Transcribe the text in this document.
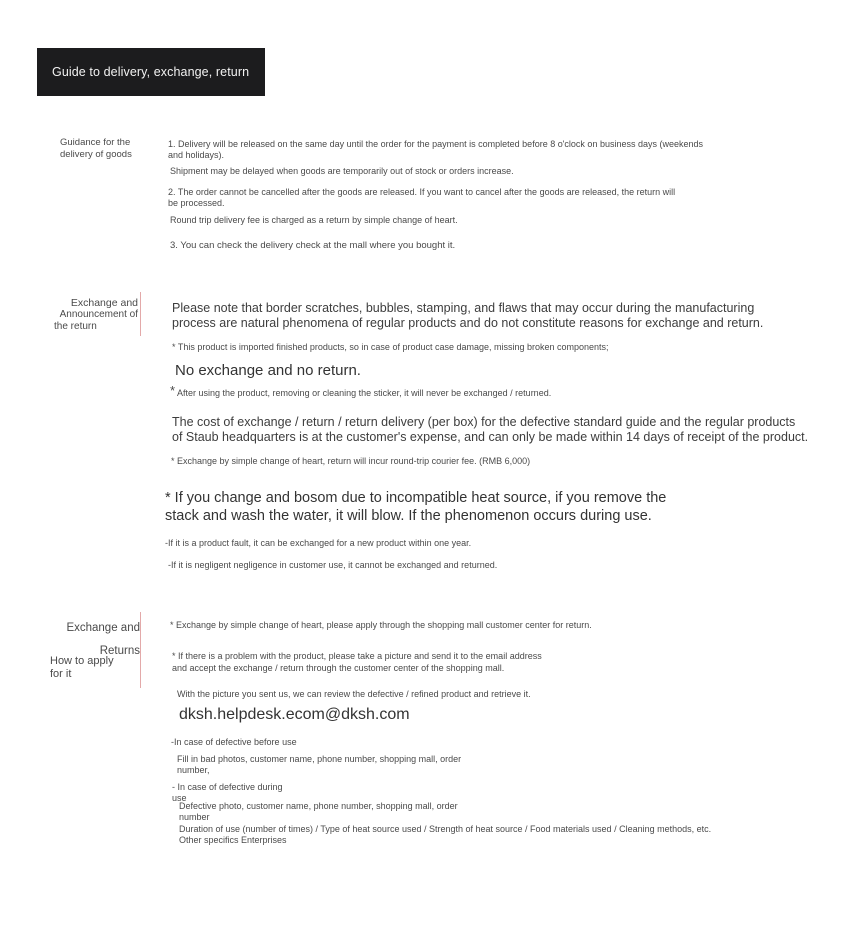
Guide to delivery, exchange, return
Guidance for the
delivery of goods
1. Delivery will be released on the same day until the order for the payment is completed before 8 o'clock on business days (weekends
and holidays).
Shipment may be delayed when goods are temporarily out of stock or orders increase.
2. The order cannot be cancelled after the goods are released. If you want to cancel after the goods are released, the return will
be processed.
Round trip delivery fee is charged as a return by simple change of heart.
3. You can check the delivery check at the mall where you bought it.
Exchange and
Announcement of
the return
Please note that border scratches, bubbles, stamping, and flaws that may occur during the manufacturing
process are natural phenomena of regular products and do not constitute reasons for exchange and return.
* This product is imported finished products, so in case of product case damage, missing broken components;
No exchange and no return.
* After using the product, removing or cleaning the sticker, it will never be exchanged / returned.
The cost of exchange / return / return delivery (per box) for the defective standard guide and the regular products
of Staub headquarters is at the customer's expense, and can only be made within 14 days of receipt of the product.
* Exchange by simple change of heart, return will incur round-trip courier fee. (RMB 6,000)
* If you change and bosom due to incompatible heat source, if you remove the
stack and wash the water, it will blow. If the phenomenon occurs during use.
-If it is a product fault, it can be exchanged for a new product within one year.
-If it is negligent negligence in customer use, it cannot be exchanged and returned.
Exchange and
Returns
How to apply
for it
* Exchange by simple change of heart, please apply through the shopping mall customer center for return.
* If there is a problem with the product, please take a picture and send it to the email address
and accept the exchange / return through the customer center of the shopping mall.
With the picture you sent us, we can review the defective / refined product and retrieve it.
dksh.helpdesk.ecom@dksh.com
-In case of defective before use
Fill in bad photos, customer name, phone number, shopping mall, order
number,
- In case of defective during
use
Defective photo, customer name, phone number, shopping mall, order
number
Duration of use (number of times) / Type of heat source used / Strength of heat source / Food materials used / Cleaning methods, etc.
Other specifics Enterprises
